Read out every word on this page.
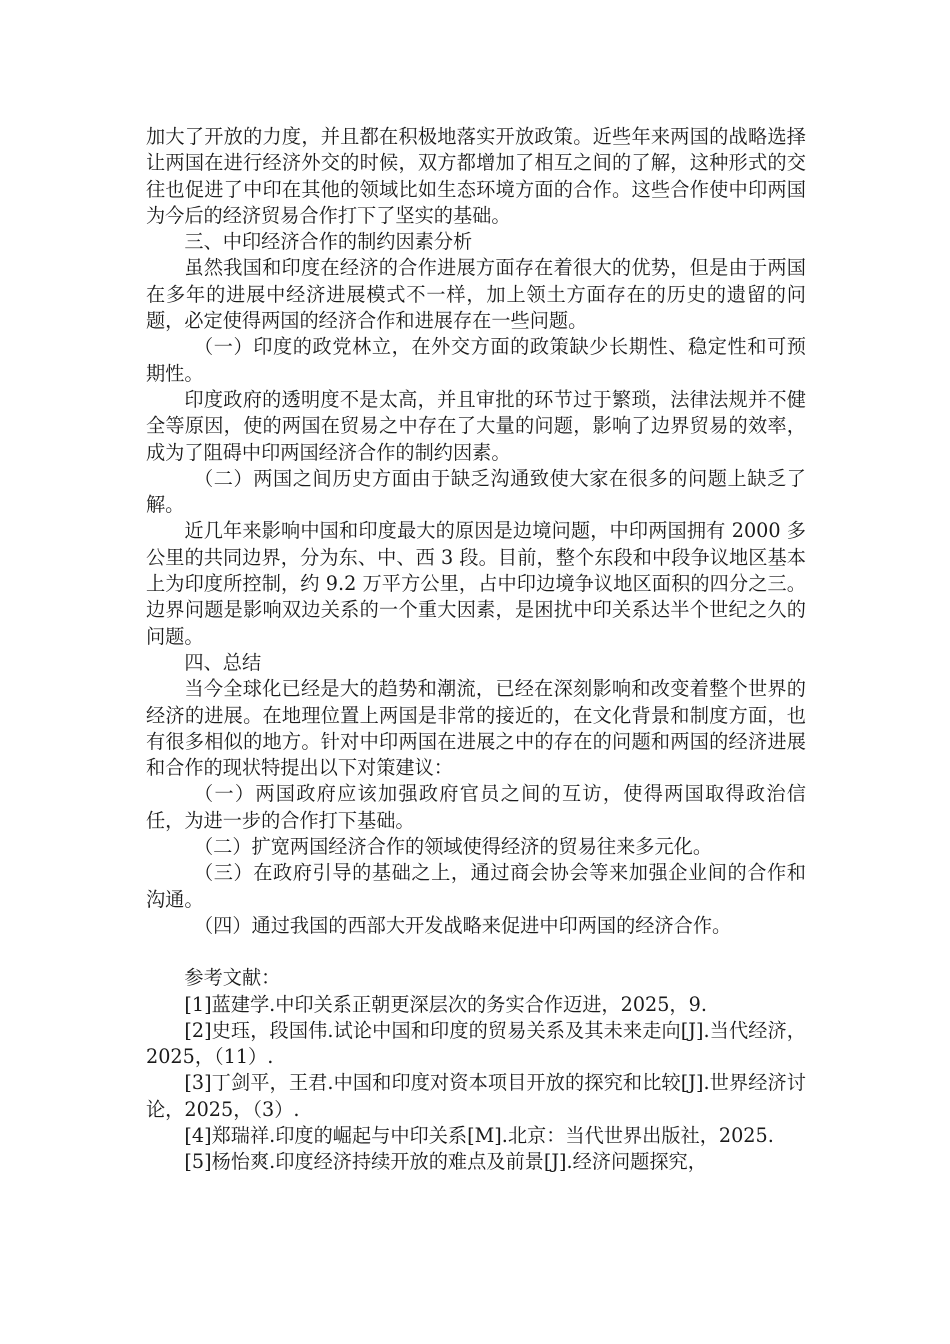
加大了开放的力度，并且都在积极地落实开放政策。近些年来两国的战略选择让两国在进行经济外交的时候，双方都增加了相互之间的了解，这种形式的交往也促进了中印在其他的领域比如生态环境方面的合作。这些合作使中印两国为今后的经济贸易合作打下了坚实的基础。

三、中印经济合作的制约因素分析

虽然我国和印度在经济的合作进展方面存在着很大的优势，但是由于两国在多年的进展中经济进展模式不一样，加上领土方面存在的历史的遗留的问题，必定使得两国的经济合作和进展存在一些问题。

（一）印度的政党林立，在外交方面的政策缺少长期性、稳定性和可预期性。

印度政府的透明度不是太高，并且审批的环节过于繁琐，法律法规并不健全等原因，使的两国在贸易之中存在了大量的问题，影响了边界贸易的效率，成为了阻碍中印两国经济合作的制约因素。

（二）两国之间历史方面由于缺乏沟通致使大家在很多的问题上缺乏了解。

近几年来影响中国和印度最大的原因是边境问题，中印两国拥有 2000 多公里的共同边界，分为东、中、西 3 段。目前，整个东段和中段争议地区基本上为印度所控制，约 9.2 万平方公里，占中印边境争议地区面积的四分之三。边界问题是影响双边关系的一个重大因素，是困扰中印关系达半个世纪之久的问题。

四、总结

当今全球化已经是大的趋势和潮流，已经在深刻影响和改变着整个世界的经济的进展。在地理位置上两国是非常的接近的，在文化背景和制度方面，也有很多相似的地方。针对中印两国在进展之中的存在的问题和两国的经济进展和合作的现状特提出以下对策建议：

（一）两国政府应该加强政府官员之间的互访，使得两国取得政治信任，为进一步的合作打下基础。

（二）扩宽两国经济合作的领域使得经济的贸易往来多元化。

（三）在政府引导的基础之上，通过商会协会等来加强企业间的合作和沟通。

（四）通过我国的西部大开发战略来促进中印两国的经济合作。

参考文献：

[1]蓝建学.中印关系正朝更深层次的务实合作迈进，2025，9.

[2]史珏，段国伟.试论中国和印度的贸易关系及其未来走向[J].当代经济，2025，（11）.

[3]丁剑平，王君.中国和印度对资本项目开放的探究和比较[J].世界经济讨论，2025，（3）.

[4]郑瑞祥.印度的崛起与中印关系[M].北京：当代世界出版社，2025.

[5]杨怡爽.印度经济持续开放的难点及前景[J].经济问题探究，
